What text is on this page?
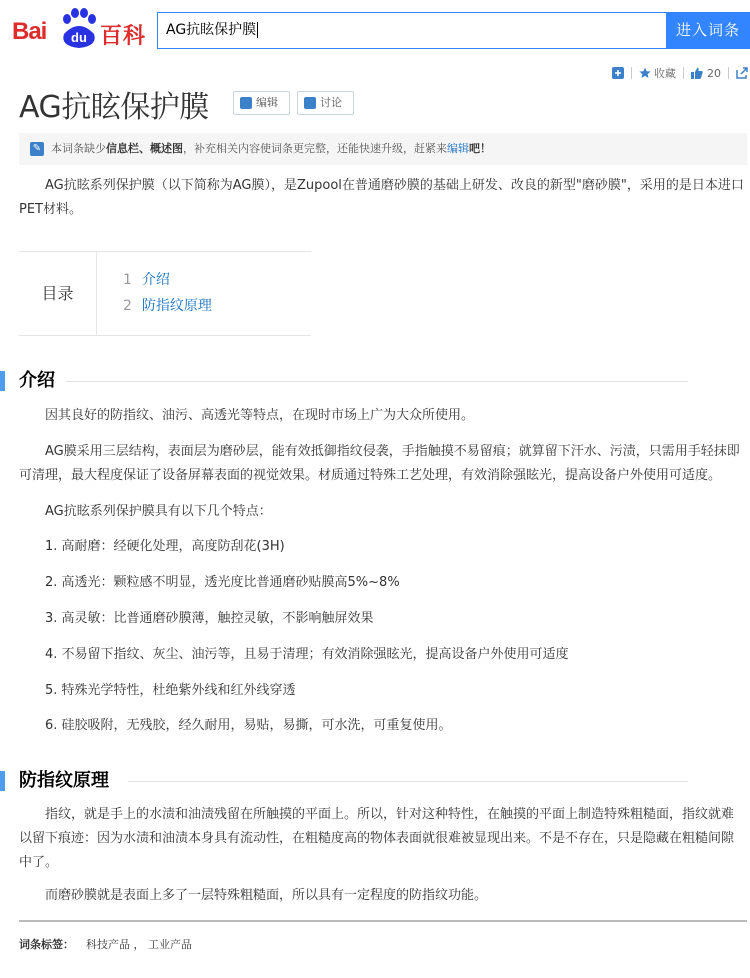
Bai du 百科	AG抗眩保护膜	进入词条
收藏	20
AG抗眩保护膜	编辑	讨论
✎ 本词条缺少信息栏、概述图，补充相关内容使词条更完整，还能快速升级，赶紧来编辑吧！

AG抗眩系列保护膜（以下简称为AG膜），是Zupool在普通磨砂膜的基础上研发、改良的新型"磨砂膜"，采用的是日本进口PET材料。

目录
1 介绍
2 防指纹原理
介绍

因其良好的防指纹、油污、高透光等特点，在现时市场上广为大众所使用。

AG膜采用三层结构，表面层为磨砂层，能有效抵御指纹侵袭，手指触摸不易留痕；就算留下汗水、污渍，只需用手轻抹即可清理，最大程度保证了设备屏幕表面的视觉效果。材质通过特殊工艺处理，有效消除强眩光，提高设备户外使用可适度。

AG抗眩系列保护膜具有以下几个特点：

1. 高耐磨：经硬化处理，高度防刮花(3H)
2. 高透光：颗粒感不明显，透光度比普通磨砂贴膜高5%~8%
3. 高灵敏：比普通磨砂膜薄，触控灵敏，不影响触屏效果
4. 不易留下指纹、灰尘、油污等，且易于清理；有效消除强眩光，提高设备户外使用可适度
5. 特殊光学特性，杜绝紫外线和红外线穿透
6. 硅胶吸附，无残胶，经久耐用，易贴，易撕，可水洗，可重复使用。
防指纹原理

指纹，就是手上的水渍和油渍残留在所触摸的平面上。所以，针对这种特性，在触摸的平面上制造特殊粗糙面，指纹就难以留下痕迹：因为水渍和油渍本身具有流动性，在粗糙度高的物体表面就很难被显现出来。不是不存在，只是隐藏在粗糙间隙中了。

而磨砂膜就是表面上多了一层特殊粗糙面，所以具有一定程度的防指纹功能。

词条标签： 科技产品 ， 工业产品
